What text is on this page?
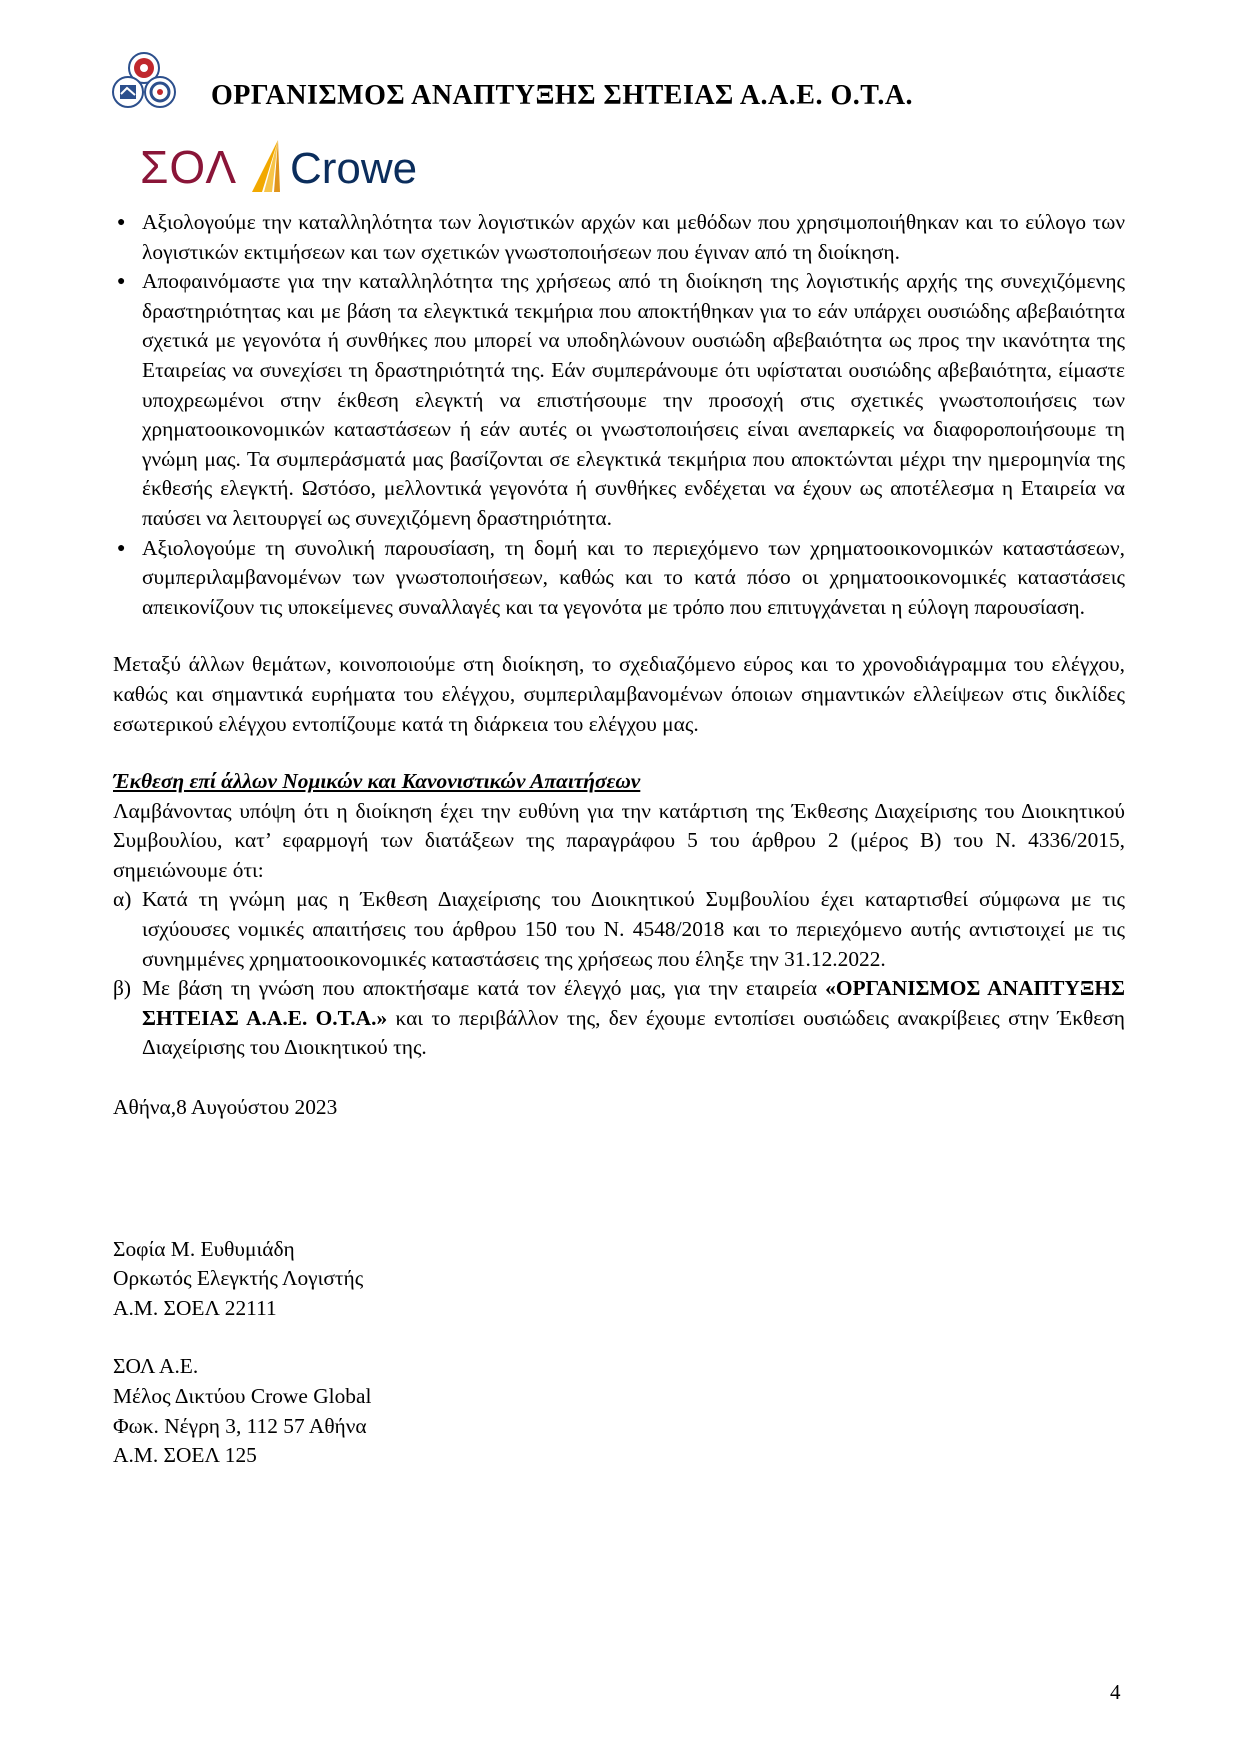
ΟΡΓΑΝΙΣΜΟΣ ΑΝΑΠΤΥΞΗΣ ΣΗΤΕΙΑΣ Α.Α.Ε. Ο.Τ.Α.
ΣΟΛ Crowe
● Αξιολογούμε την καταλληλότητα των λογιστικών αρχών και μεθόδων που χρησιμοποιήθηκαν και το εύλογο των λογιστικών εκτιμήσεων και των σχετικών γνωστοποιήσεων που έγιναν από τη διοίκηση.
● Αποφαινόμαστε για την καταλληλότητα της χρήσεως από τη διοίκηση της λογιστικής αρχής της συνεχιζόμενης δραστηριότητας και με βάση τα ελεγκτικά τεκμήρια που αποκτήθηκαν για το εάν υπάρχει ουσιώδης αβεβαιότητα σχετικά με γεγονότα ή συνθήκες που μπορεί να υποδηλώνουν ουσιώδη αβεβαιότητα ως προς την ικανότητα της Εταιρείας να συνεχίσει τη δραστηριότητά της. Εάν συμπεράνουμε ότι υφίσταται ουσιώδης αβεβαιότητα, είμαστε υποχρεωμένοι στην έκθεση ελεγκτή να επιστήσουμε την προσοχή στις σχετικές γνωστοποιήσεις των χρηματοοικονομικών καταστάσεων ή εάν αυτές οι γνωστοποιήσεις είναι ανεπαρκείς να διαφοροποιήσουμε τη γνώμη μας. Τα συμπεράσματά μας βασίζονται σε ελεγκτικά τεκμήρια που αποκτώνται μέχρι την ημερομηνία της έκθεσής ελεγκτή. Ωστόσο, μελλοντικά γεγονότα ή συνθήκες ενδέχεται να έχουν ως αποτέλεσμα η Εταιρεία να παύσει να λειτουργεί ως συνεχιζόμενη δραστηριότητα.
● Αξιολογούμε τη συνολική παρουσίαση, τη δομή και το περιεχόμενο των χρηματοοικονομικών καταστάσεων, συμπεριλαμβανομένων των γνωστοποιήσεων, καθώς και το κατά πόσο οι χρηματοοικονομικές καταστάσεις απεικονίζουν τις υποκείμενες συναλλαγές και τα γεγονότα με τρόπο που επιτυγχάνεται η εύλογη παρουσίαση.

Μεταξύ άλλων θεμάτων, κοινοποιούμε στη διοίκηση, το σχεδιαζόμενο εύρος και το χρονοδιάγραμμα του ελέγχου, καθώς και σημαντικά ευρήματα του ελέγχου, συμπεριλαμβανομένων όποιων σημαντικών ελλείψεων στις δικλίδες εσωτερικού ελέγχου εντοπίζουμε κατά τη διάρκεια του ελέγχου μας.

Έκθεση επί άλλων Νομικών και Κανονιστικών Απαιτήσεων

Λαμβάνοντας υπόψη ότι η διοίκηση έχει την ευθύνη για την κατάρτιση της Έκθεσης Διαχείρισης του Διοικητικού Συμβουλίου, κατ’ εφαρμογή των διατάξεων της παραγράφου 5 του άρθρου 2 (μέρος Β) του Ν. 4336/2015, σημειώνουμε ότι:

α) Κατά τη γνώμη μας η Έκθεση Διαχείρισης του Διοικητικού Συμβουλίου έχει καταρτισθεί σύμφωνα με τις ισχύουσες νομικές απαιτήσεις του άρθρου 150 του Ν. 4548/2018 και το περιεχόμενο αυτής αντιστοιχεί με τις συνημμένες χρηματοοικονομικές καταστάσεις της χρήσεως που έληξε την 31.12.2022.
β) Με βάση τη γνώση που αποκτήσαμε κατά τον έλεγχό μας, για την εταιρεία «ΟΡΓΑΝΙΣΜΟΣ ΑΝΑΠΤΥΞΗΣ ΣΗΤΕΙΑΣ Α.Α.Ε. Ο.Τ.Α.» και το περιβάλλον της, δεν έχουμε εντοπίσει ουσιώδεις ανακρίβειες στην Έκθεση Διαχείρισης του Διοικητικού της.
Αθήνα,8 Αυγούστου 2023
Σοφία Μ. Ευθυμιάδη
Ορκωτός Ελεγκτής Λογιστής
Α.Μ. ΣΟΕΛ 22111
ΣΟΛ Α.Ε.
Μέλος Δικτύου Crowe Global
Φωκ. Νέγρη 3, 112 57 Αθήνα
Α.Μ. ΣΟΕΛ 125
4
